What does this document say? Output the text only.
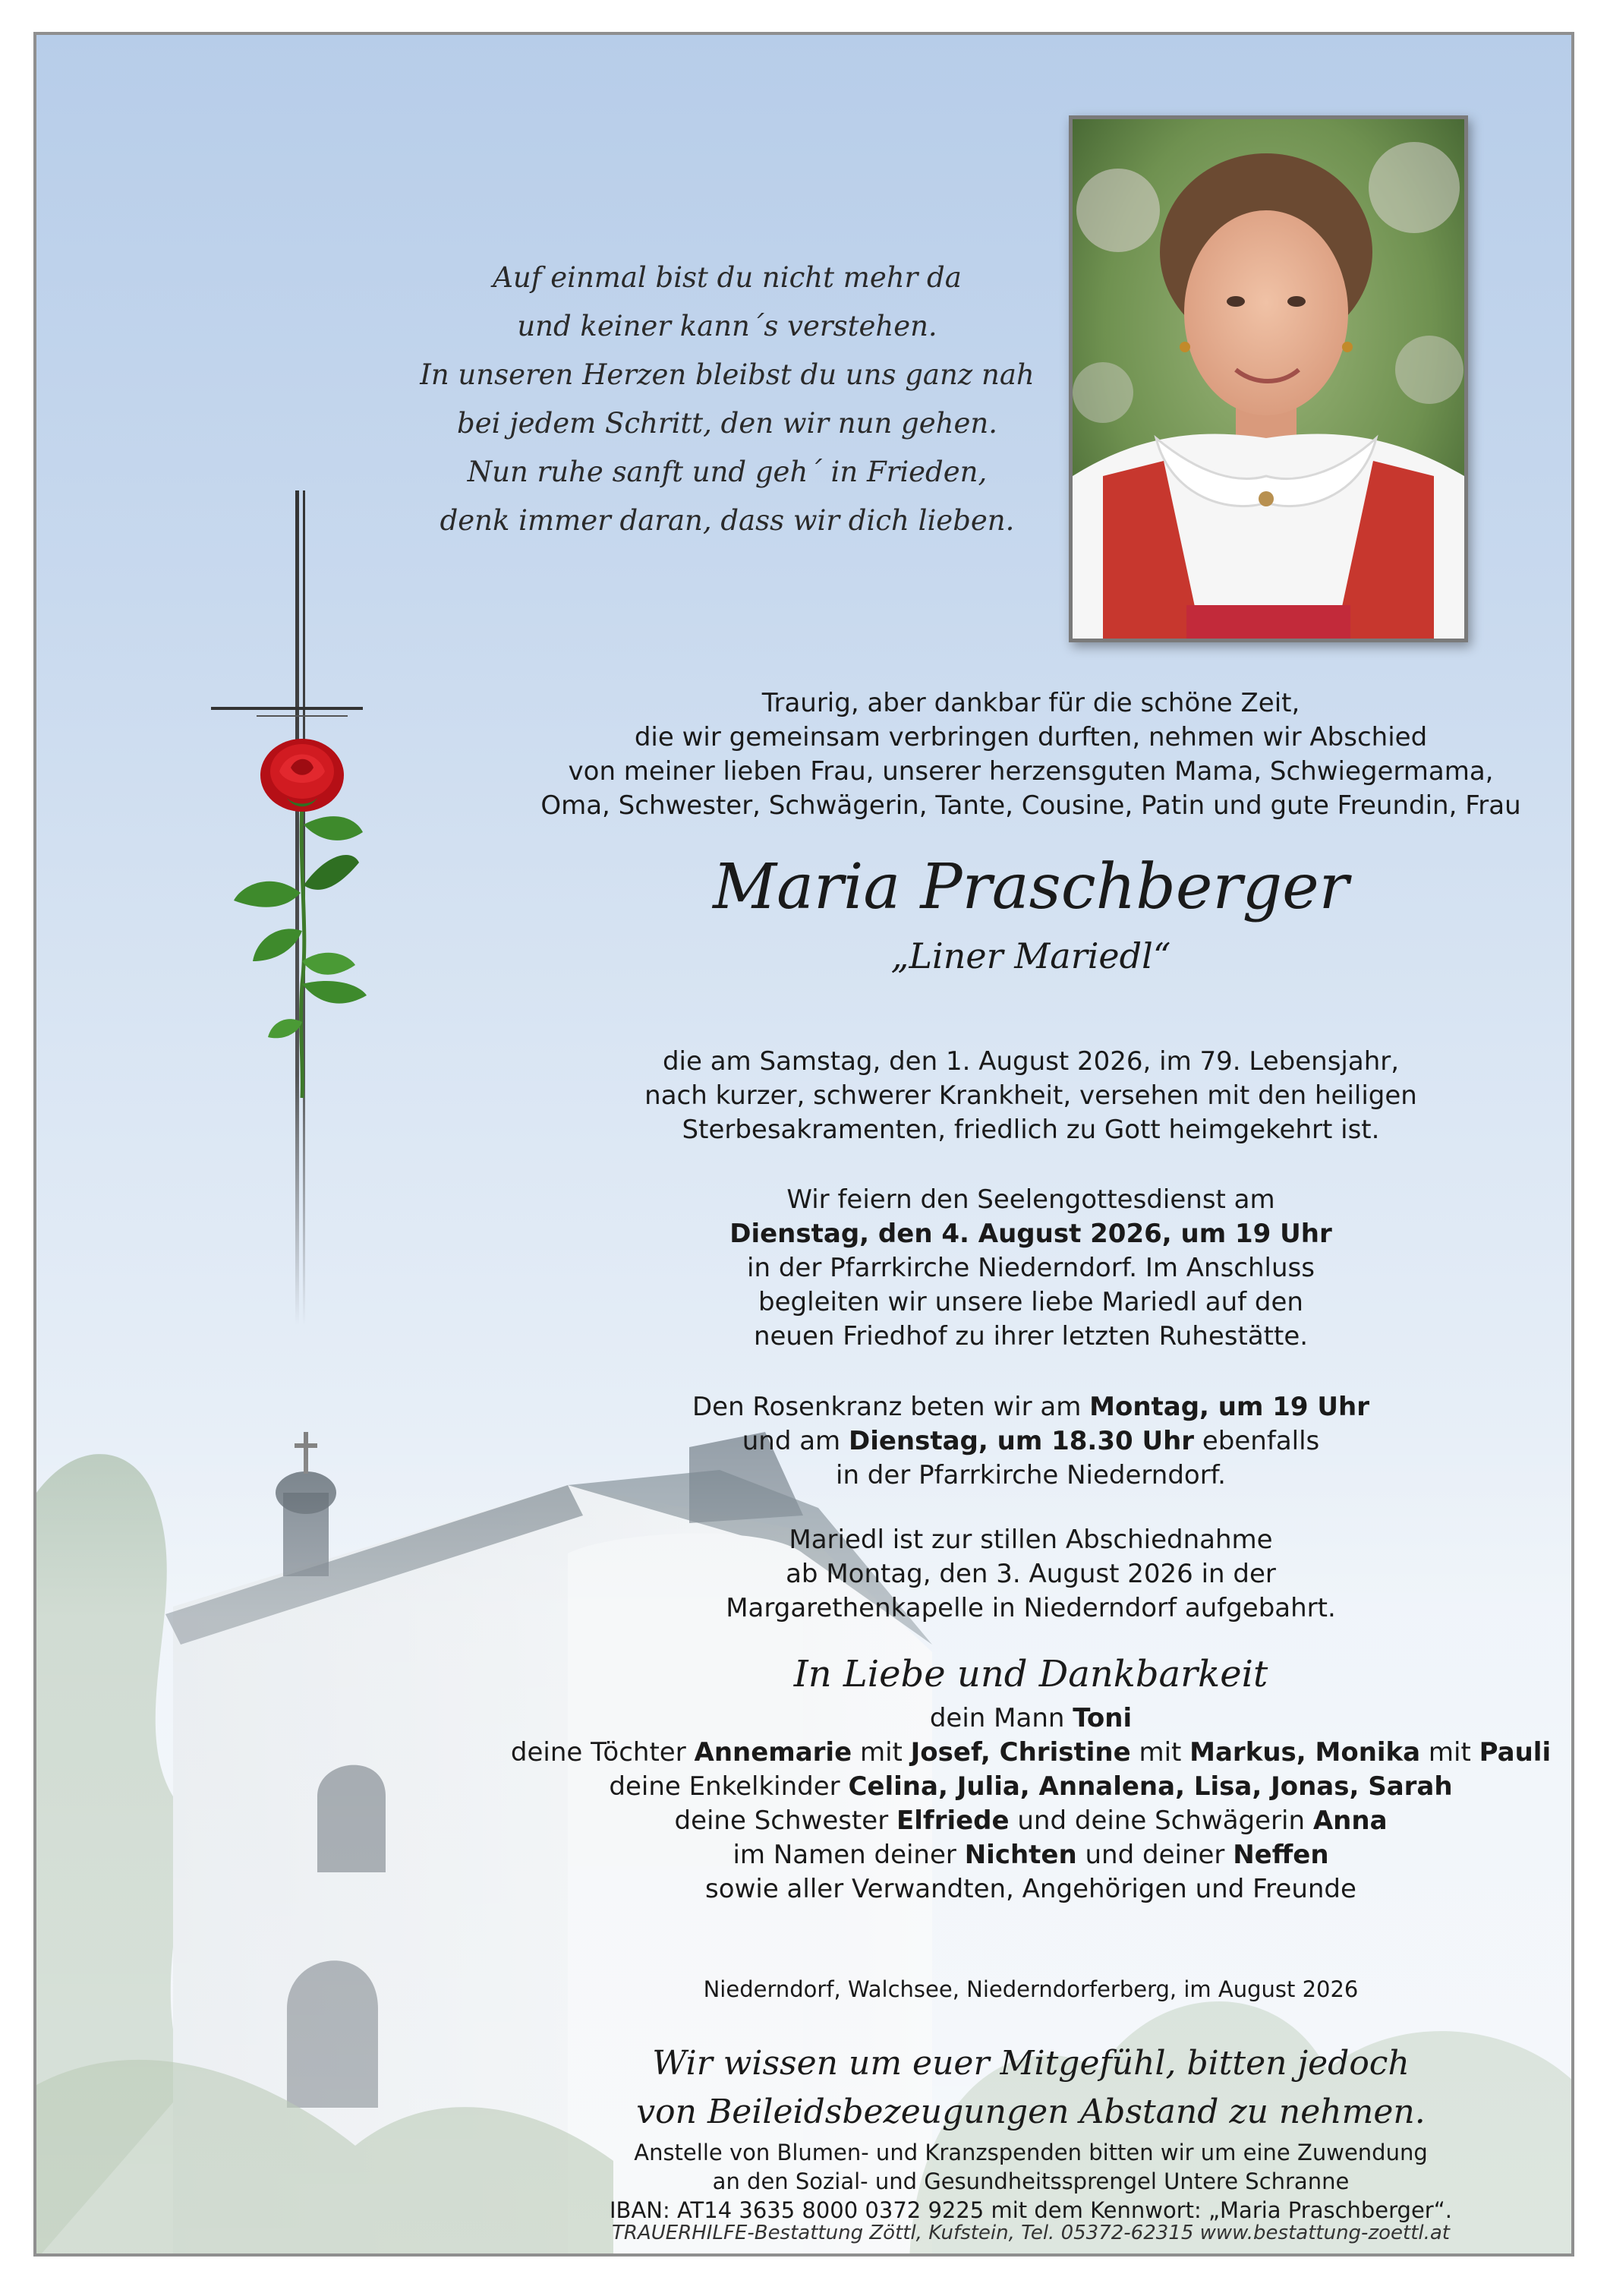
Auf einmal bist du nicht mehr da
und keiner kann´s verstehen.
In unseren Herzen bleibst du uns ganz nah
bei jedem Schritt, den wir nun gehen.
Nun ruhe sanft und geh´ in Frieden,
denk immer daran, dass wir dich lieben.
Traurig, aber dankbar für die schöne Zeit,
die wir gemeinsam verbringen durften, nehmen wir Abschied
von meiner lieben Frau, unserer herzensguten Mama, Schwiegermama,
Oma, Schwester, Schwägerin, Tante, Cousine, Patin und gute Freundin, Frau
Maria Praschberger
„Liner Mariedl“
die am Samstag, den 1. August 2026, im 79. Lebensjahr,
nach kurzer, schwerer Krankheit, versehen mit den heiligen
Sterbesakramenten, friedlich zu Gott heimgekehrt ist.
Wir feiern den Seelengottesdienst am
Dienstag, den 4. August 2026, um 19 Uhr
in der Pfarrkirche Niederndorf. Im Anschluss
begleiten wir unsere liebe Mariedl auf den
neuen Friedhof zu ihrer letzten Ruhestätte.
Den Rosenkranz beten wir am Montag, um 19 Uhr
und am Dienstag, um 18.30 Uhr ebenfalls
in der Pfarrkirche Niederndorf.
Mariedl ist zur stillen Abschiednahme
ab Montag, den 3. August 2026 in der
Margarethenkapelle in Niederndorf aufgebahrt.
In Liebe und Dankbarkeit
dein Mann Toni
deine Töchter Annemarie mit Josef, Christine mit Markus, Monika mit Pauli
deine Enkelkinder Celina, Julia, Annalena, Lisa, Jonas, Sarah
deine Schwester Elfriede und deine Schwägerin Anna
im Namen deiner Nichten und deiner Neffen
sowie aller Verwandten, Angehörigen und Freunde
Niederndorf, Walchsee, Niederndorferberg, im August 2026
Wir wissen um euer Mitgefühl, bitten jedoch
von Beileidsbezeugungen Abstand zu nehmen.
Anstelle von Blumen- und Kranzspenden bitten wir um eine Zuwendung
an den Sozial- und Gesundheitssprengel Untere Schranne
IBAN: AT14 3635 8000 0372 9225 mit dem Kennwort: „Maria Praschberger“.
TRAUERHILFE-Bestattung Zöttl, Kufstein, Tel. 05372-62315 www.bestattung-zoettl.at
